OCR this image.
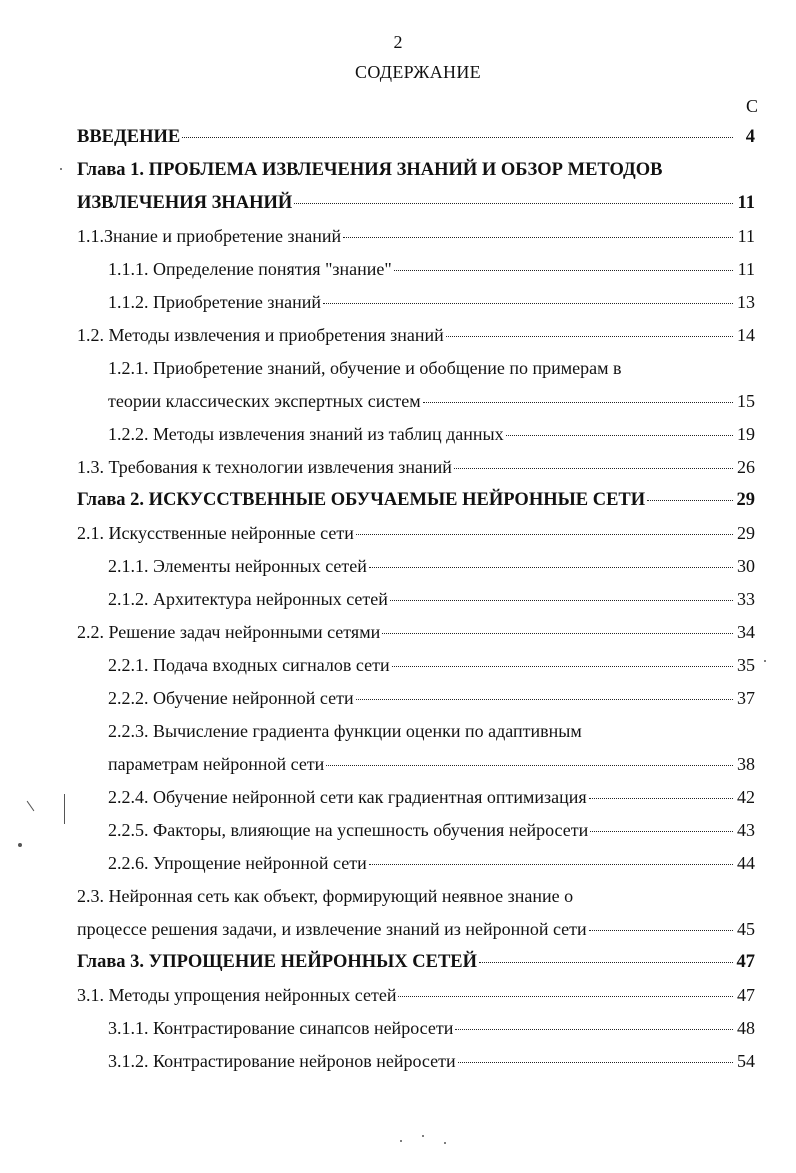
2
СОДЕРЖАНИЕ
С
ВВЕДЕНИЕ	4
Глава 1. ПРОБЛЕМА ИЗВЛЕЧЕНИЯ ЗНАНИЙ И ОБЗОР МЕТОДОВ
ИЗВЛЕЧЕНИЯ ЗНАНИЙ	11
1.1.Знание и приобретение знаний	11
1.1.1. Определение понятия "знание"	11
1.1.2. Приобретение знаний	13
1.2. Методы извлечения и приобретения знаний	14
1.2.1. Приобретение знаний, обучение и обобщение по примерам в
теории классических экспертных систем	15
1.2.2. Методы извлечения знаний из таблиц данных	19
1.3. Требования к технологии извлечения знаний	26
Глава 2. ИСКУССТВЕННЫЕ ОБУЧАЕМЫЕ НЕЙРОННЫЕ СЕТИ	29
2.1. Искусственные нейронные сети	29
2.1.1. Элементы нейронных сетей	30
2.1.2. Архитектура нейронных сетей	33
2.2. Решение задач нейронными сетями	34
2.2.1. Подача входных сигналов сети	35
2.2.2. Обучение нейронной сети	37
2.2.3. Вычисление градиента функции оценки по адаптивным
параметрам нейронной сети	38
2.2.4. Обучение нейронной сети как градиентная оптимизация	42
2.2.5. Факторы, влияющие на успешность обучения нейросети	43
2.2.6. Упрощение нейронной сети	44
2.3. Нейронная сеть как объект, формирующий неявное знание о
процессе решения задачи, и извлечение знаний из нейронной сети	45
Глава 3. УПРОЩЕНИЕ НЕЙРОННЫХ СЕТЕЙ	47
3.1. Методы упрощения нейронных сетей	47
3.1.1. Контрастирование синапсов нейросети	48
3.1.2. Контрастирование нейронов нейросети	54
